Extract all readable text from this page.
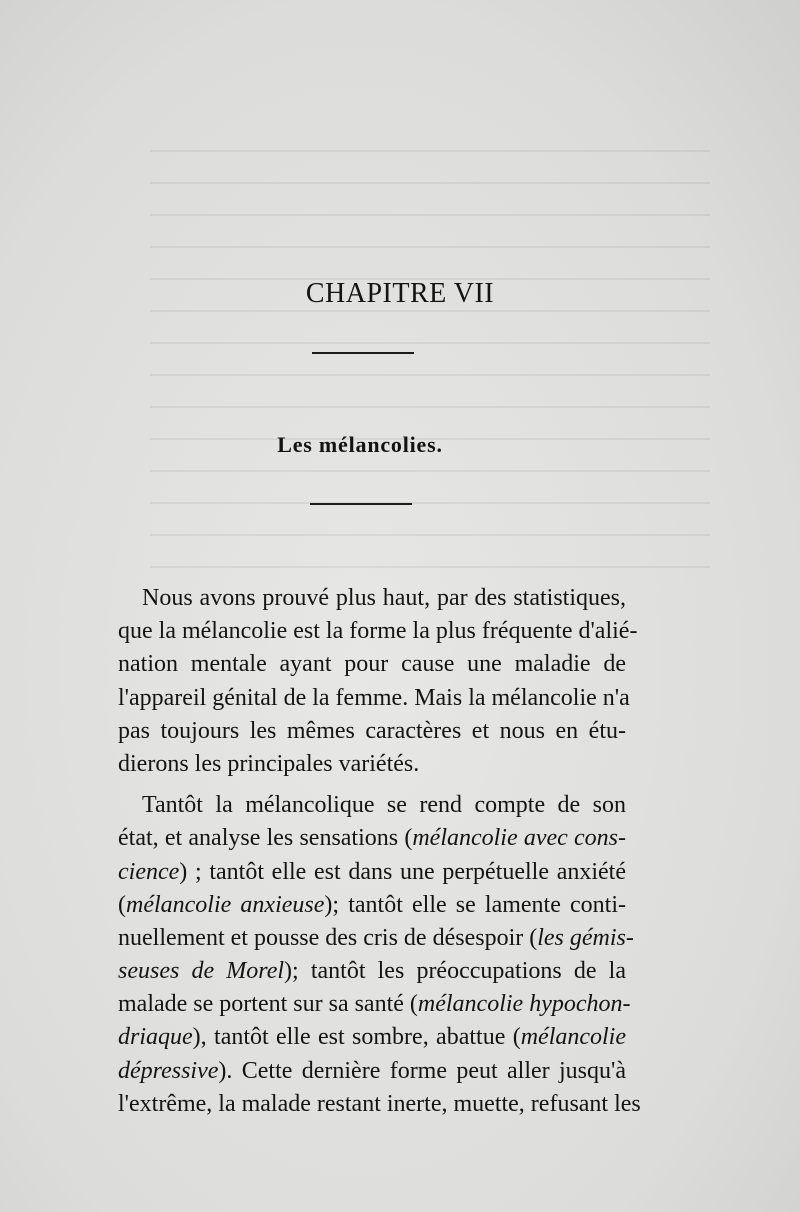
CHAPITRE VII
Les mélancolies.
Nous avons prouvé plus haut, par des statistiques,
que la mélancolie est la forme la plus fréquente d'alié-
nation mentale ayant pour cause une maladie de
l'appareil génital de la femme. Mais la mélancolie n'a
pas toujours les mêmes caractères et nous en étu-
dierons les principales variétés.
Tantôt la mélancolique se rend compte de son
état, et analyse les sensations (mélancolie avec cons-
cience) ; tantôt elle est dans une perpétuelle anxiété
(mélancolie anxieuse); tantôt elle se lamente conti-
nuellement et pousse des cris de désespoir (les gémis-
seuses de Morel); tantôt les préoccupations de la
malade se portent sur sa santé (mélancolie hypochon-
driaque), tantôt elle est sombre, abattue (mélancolie
dépressive). Cette dernière forme peut aller jusqu'à
l'extrême, la malade restant inerte, muette, refusant les
